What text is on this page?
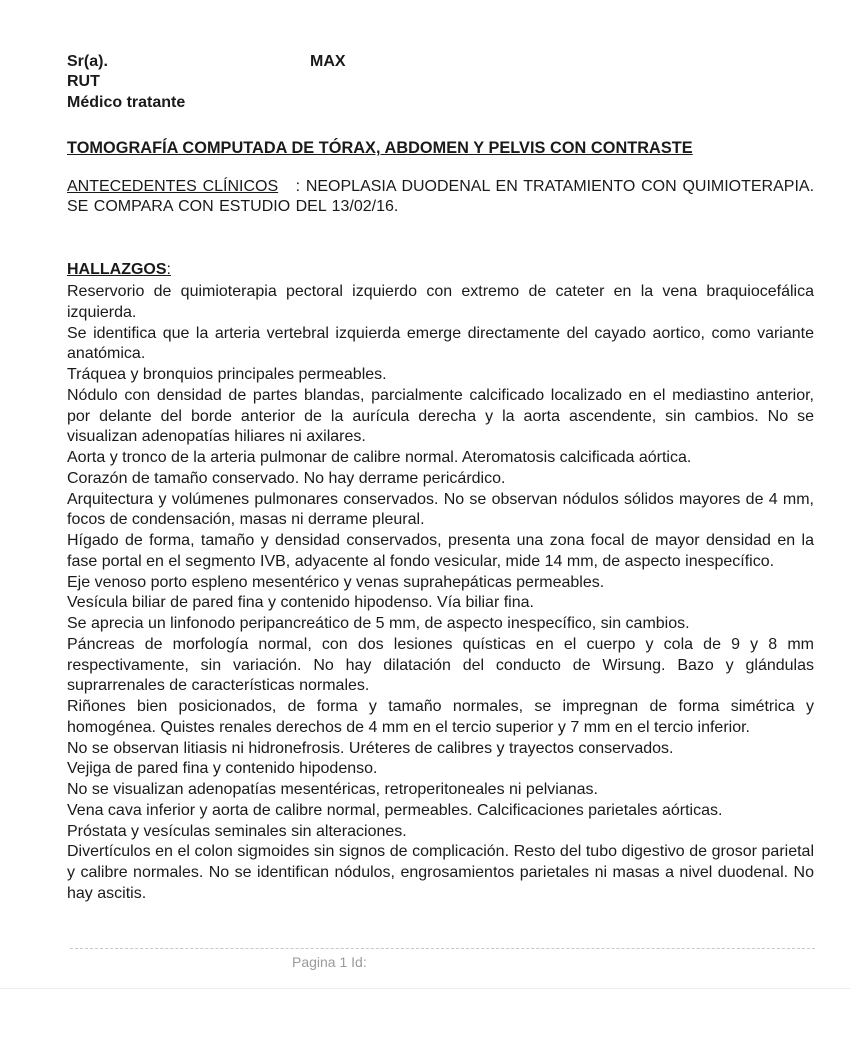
Sr(a).	MAX
RUT
Médico tratante
TOMOGRAFÍA COMPUTADA DE TÓRAX, ABDOMEN Y PELVIS CON CONTRASTE
ANTECEDENTES CLÍNICOS : NEOPLASIA DUODENAL EN TRATAMIENTO CON QUIMIOTERAPIA. SE COMPARA CON ESTUDIO DEL 13/02/16.
HALLAZGOS:

Reservorio de quimioterapia pectoral izquierdo con extremo de cateter en la vena braquiocefálica izquierda.

Se identifica que la arteria vertebral izquierda emerge directamente del cayado aortico, como variante anatómica.

Tráquea y bronquios principales permeables.

Nódulo con densidad de partes blandas, parcialmente calcificado localizado en el mediastino anterior, por delante del borde anterior de la aurícula derecha y la aorta ascendente, sin cambios. No se visualizan adenopatías hiliares ni axilares.

Aorta y tronco de la arteria pulmonar de calibre normal. Ateromatosis calcificada aórtica.

Corazón de tamaño conservado. No hay derrame pericárdico.

Arquitectura y volúmenes pulmonares conservados. No se observan nódulos sólidos mayores de 4 mm, focos de condensación, masas ni derrame pleural.

Hígado de forma, tamaño y densidad conservados, presenta una zona focal de mayor densidad en la fase portal en el segmento IVB, adyacente al fondo vesicular, mide 14 mm, de aspecto inespecífico.

Eje venoso porto espleno mesentérico y venas suprahepáticas permeables.

Vesícula biliar de pared fina y contenido hipodenso. Vía biliar fina.

Se aprecia un linfonodo peripancreático de 5 mm, de aspecto inespecífico, sin cambios.

Páncreas de morfología normal, con dos lesiones quísticas en el cuerpo y cola de 9 y 8 mm respectivamente, sin variación. No hay dilatación del conducto de Wirsung. Bazo y glándulas suprarrenales de características normales.

Riñones bien posicionados, de forma y tamaño normales, se impregnan de forma simétrica y homogénea. Quistes renales derechos de 4 mm en el tercio superior y 7 mm en el tercio inferior.

No se observan litiasis ni hidronefrosis. Uréteres de calibres y trayectos conservados.

Vejiga de pared fina y contenido hipodenso.

No se visualizan adenopatías mesentéricas, retroperitoneales ni pelvianas.

Vena cava inferior y aorta de calibre normal, permeables. Calcificaciones parietales aórticas.

Próstata y vesículas seminales sin alteraciones.

Divertículos en el colon sigmoides sin signos de complicación. Resto del tubo digestivo de grosor parietal y calibre normales. No se identifican nódulos, engrosamientos parietales ni masas a nivel duodenal. No hay ascitis.

Pagina 1 Id:
